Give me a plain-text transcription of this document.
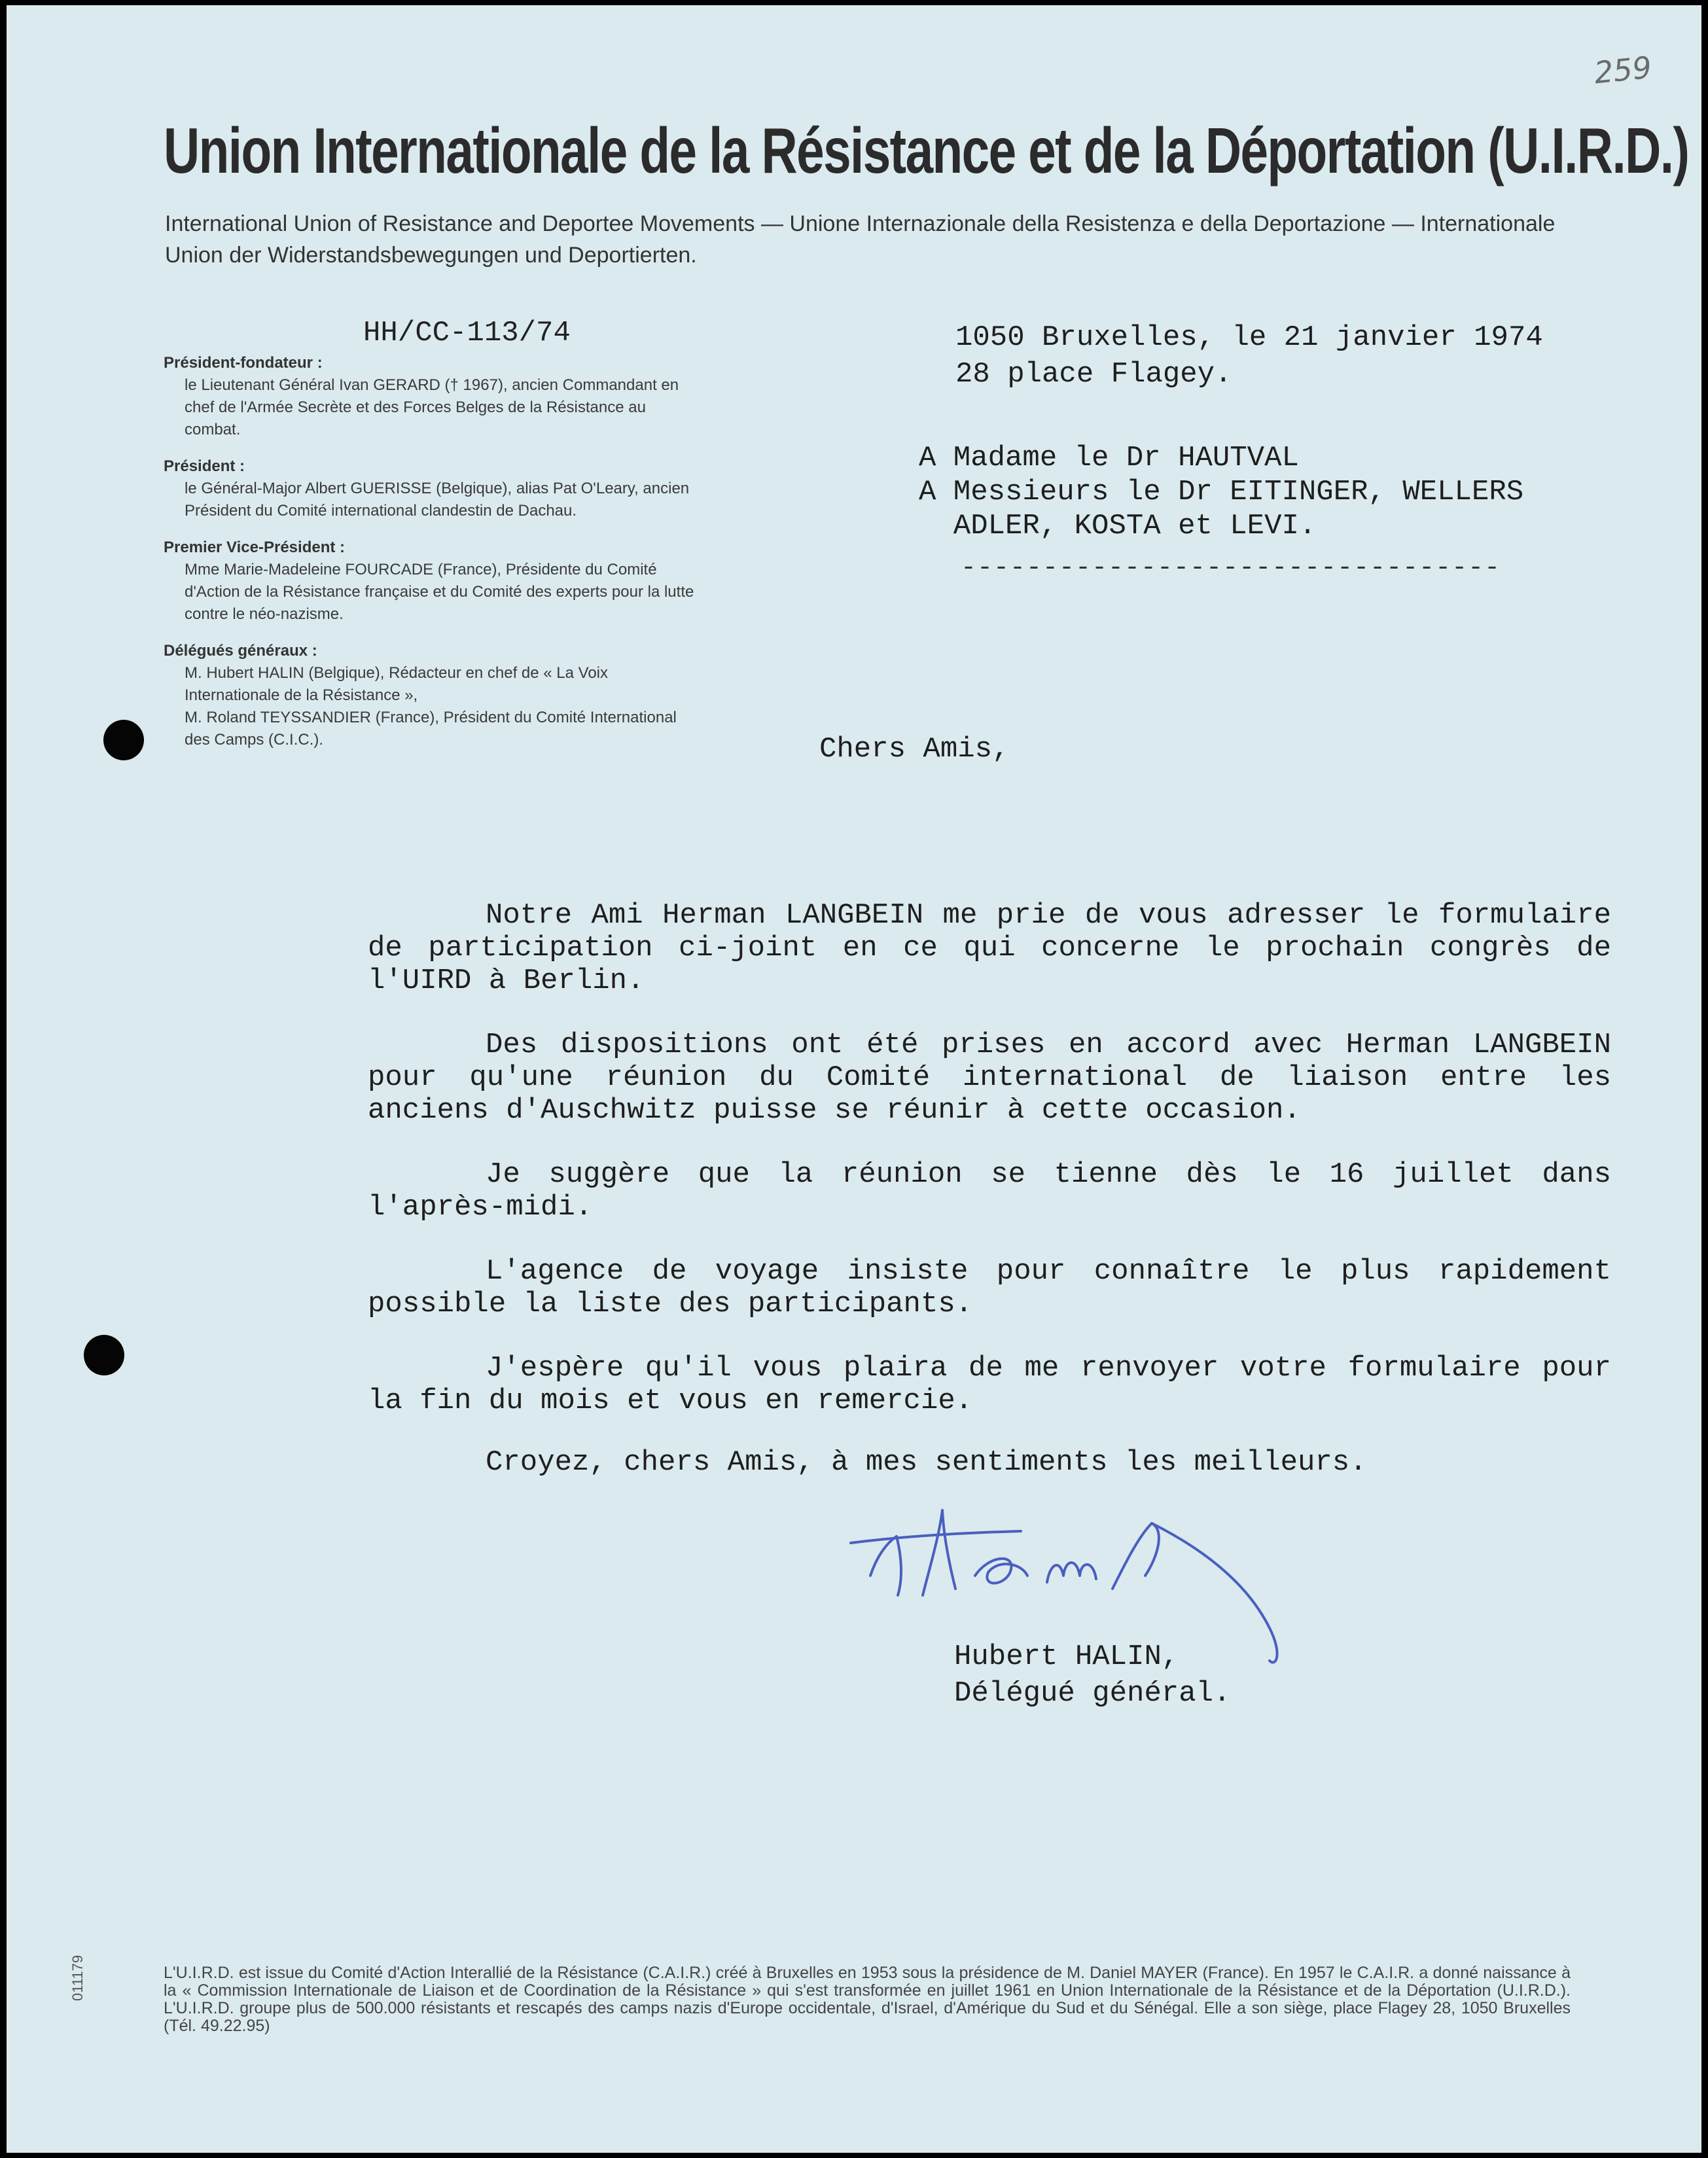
259
Union Internationale de la Résistance et de la Déportation (U.I.R.D.)
International Union of Resistance and Deportee Movements — Unione Internazionale della Resistenza e della Deportazione — Internationale Union der Widerstandsbewegungen und Deportierten.
HH/CC-113/74
Président-fondateur :

le Lieutenant Général Ivan GERARD († 1967), ancien Commandant en chef de l'Armée Secrète et des Forces Belges de la Résistance au combat.

Président :

le Général-Major Albert GUERISSE (Belgique), alias Pat O'Leary, ancien Président du Comité international clandestin de Dachau.

Premier Vice-Président :

Mme Marie-Madeleine FOURCADE (France), Présidente du Comité d'Action de la Résistance française et du Comité des experts pour la lutte contre le néo-nazisme.

Délégués généraux :

M. Hubert HALIN (Belgique), Rédacteur en chef de « La Voix Internationale de la Résistance »,

M. Roland TEYSSANDIER (France), Président du Comité International des Camps (C.I.C.).

1050 Bruxelles, le 21 janvier 1974
28 place Flagey.

A Madame le Dr HAUTVAL

A Messieurs le Dr EITINGER, WELLERS

ADLER, KOSTA et LEVI.

---------------------------------
Chers Amis,

Notre Ami Herman LANGBEIN me prie de vous adresser le formulaire de participation ci-joint en ce qui concerne le prochain congrès de l'UIRD à Berlin.

Des dispositions ont été prises en accord avec Herman LANGBEIN pour qu'une réunion du Comité international de liaison entre les anciens d'Auschwitz puisse se réunir à cette occasion.

Je suggère que la réunion se tienne dès le 16 juillet dans l'après-midi.

L'agence de voyage insiste pour connaître le plus rapidement possible la liste des participants.

J'espère qu'il vous plaira de me renvoyer votre formulaire pour la fin du mois et vous en remercie.

Croyez, chers Amis, à mes sentiments les meilleurs.

Hubert HALIN,

Délégué général.

011179	L'U.I.R.D. est issue du Comité d'Action Interallié de la Résistance (C.A.I.R.) créé à Bruxelles en 1953 sous la présidence de M. Daniel MAYER (France). En 1957 le C.A.I.R. a donné naissance à la « Commission Internationale de Liaison et de Coordination de la Résistance » qui s'est transformée en juillet 1961 en Union Internationale de la Résistance et de la Déportation (U.I.R.D.). L'U.I.R.D. groupe plus de 500.000 résistants et rescapés des camps nazis d'Europe occidentale, d'Israel, d'Amérique du Sud et du Sénégal. Elle a son siège, place Flagey 28, 1050 Bruxelles (Tél. 49.22.95)
